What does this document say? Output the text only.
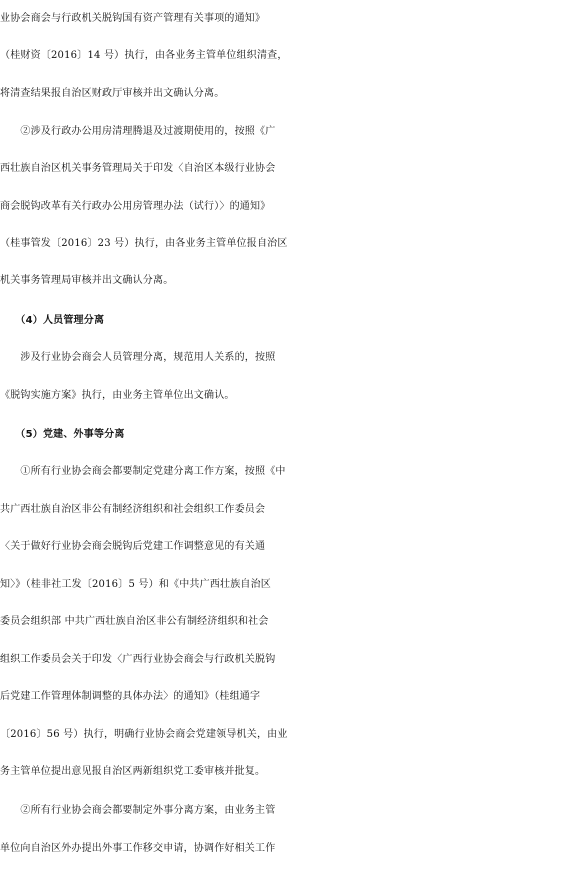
业协会商会与行政机关脱钩国有资产管理有关事项的通知》
（桂财资〔2016〕14 号）执行，由各业务主管单位组织清查，
将清查结果报自治区财政厅审核并出文确认分离。
　　②涉及行政办公用房清理腾退及过渡期使用的，按照《广
西壮族自治区机关事务管理局关于印发〈自治区本级行业协会
商会脱钩改革有关行政办公用房管理办法（试行）〉的通知》
（桂事管发〔2016〕23 号）执行，由各业务主管单位报自治区
机关事务管理局审核并出文确认分离。
　　（4）人员管理分离
　　涉及行业协会商会人员管理分离，规范用人关系的，按照
《脱钩实施方案》执行，由业务主管单位出文确认。
　　（5）党建、外事等分离
　　①所有行业协会商会都要制定党建分离工作方案，按照《中
共广西壮族自治区非公有制经济组织和社会组织工作委员会
〈关于做好行业协会商会脱钩后党建工作调整意见的有关通
知〉》（桂非社工发〔2016〕5 号）和《中共广西壮族自治区
委员会组织部 中共广西壮族自治区非公有制经济组织和社会
组织工作委员会关于印发〈广西行业协会商会与行政机关脱钩
后党建工作管理体制调整的具体办法〉的通知》（桂组通字
〔2016〕56 号）执行，明确行业协会商会党建领导机关，由业
务主管单位提出意见报自治区两新组织党工委审核并批复。
　　②所有行业协会商会都要制定外事分离方案，由业务主管
单位向自治区外办提出外事工作移交申请，协调作好相关工作
